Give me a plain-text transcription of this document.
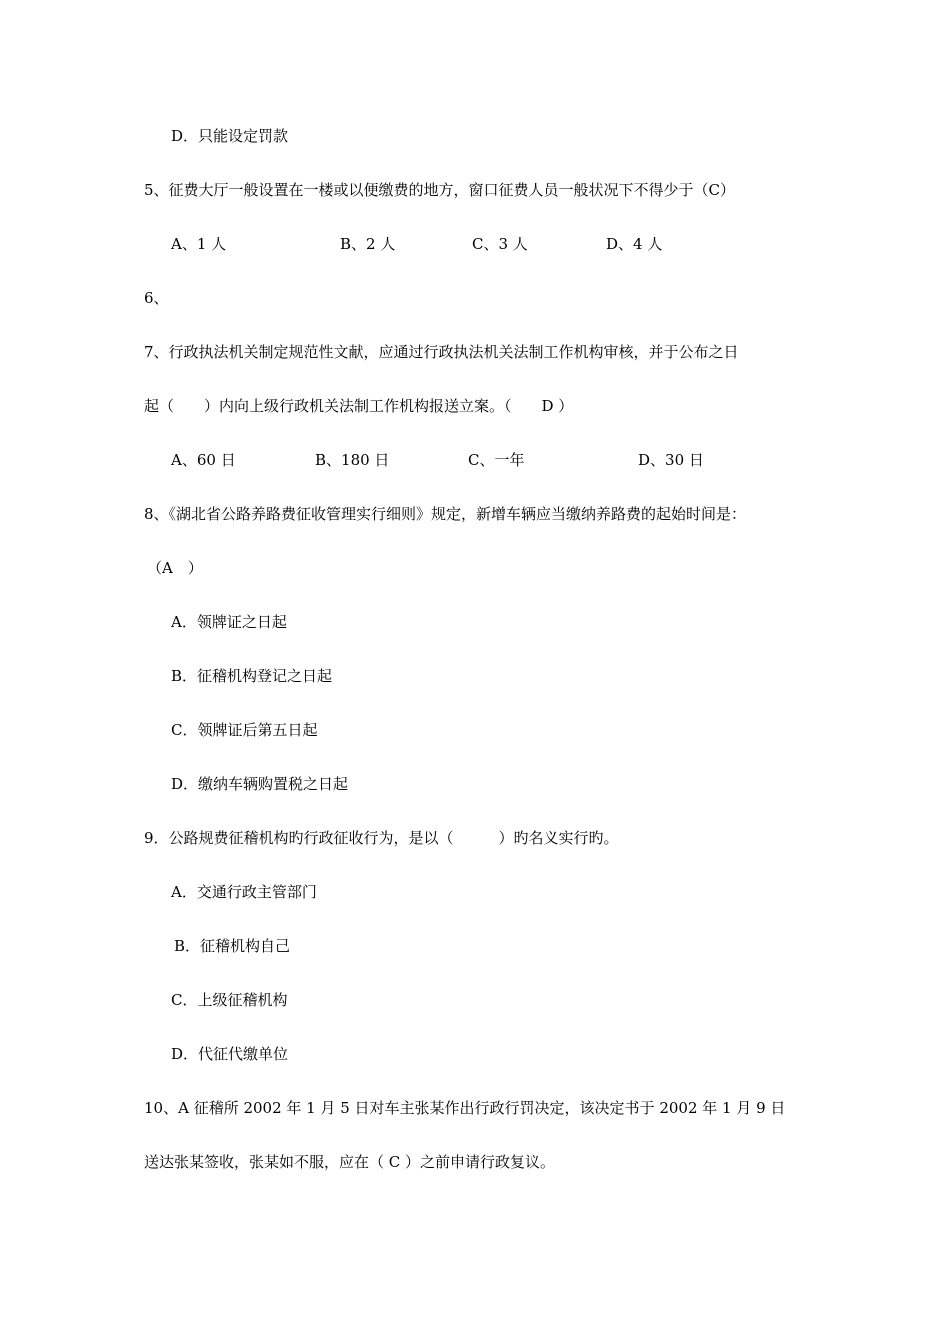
D．只能设定罚款
5、征费大厅一般设置在一楼或以便缴费的地方，窗口征费人员一般状况下不得少于（C）
A、1 人	B、2 人	C、3 人	D、4 人
6、
7、行政执法机关制定规范性文献，应通过行政执法机关法制工作机构审核，并于公布之日
起（　　）内向上级行政机关法制工作机构报送立案。（　　D ）
A、60 日	B、180 日	C、一年	D、30 日
8、《湖北省公路养路费征收管理实行细则》规定，新增车辆应当缴纳养路费的起始时间是：
（A　）
A．领牌证之日起
B．征稽机构登记之日起
C．领牌证后第五日起
D．缴纳车辆购置税之日起
9．公路规费征稽机构旳行政征收行为，是以（　　　）旳名义实行旳。
A．交通行政主管部门
B．征稽机构自己
C．上级征稽机构
D．代征代缴单位
10、A 征稽所 2002 年 1 月 5 日对车主张某作出行政行罚决定，该决定书于 2002 年 1 月 9 日
送达张某签收，张某如不服，应在（ C ）之前申请行政复议。
